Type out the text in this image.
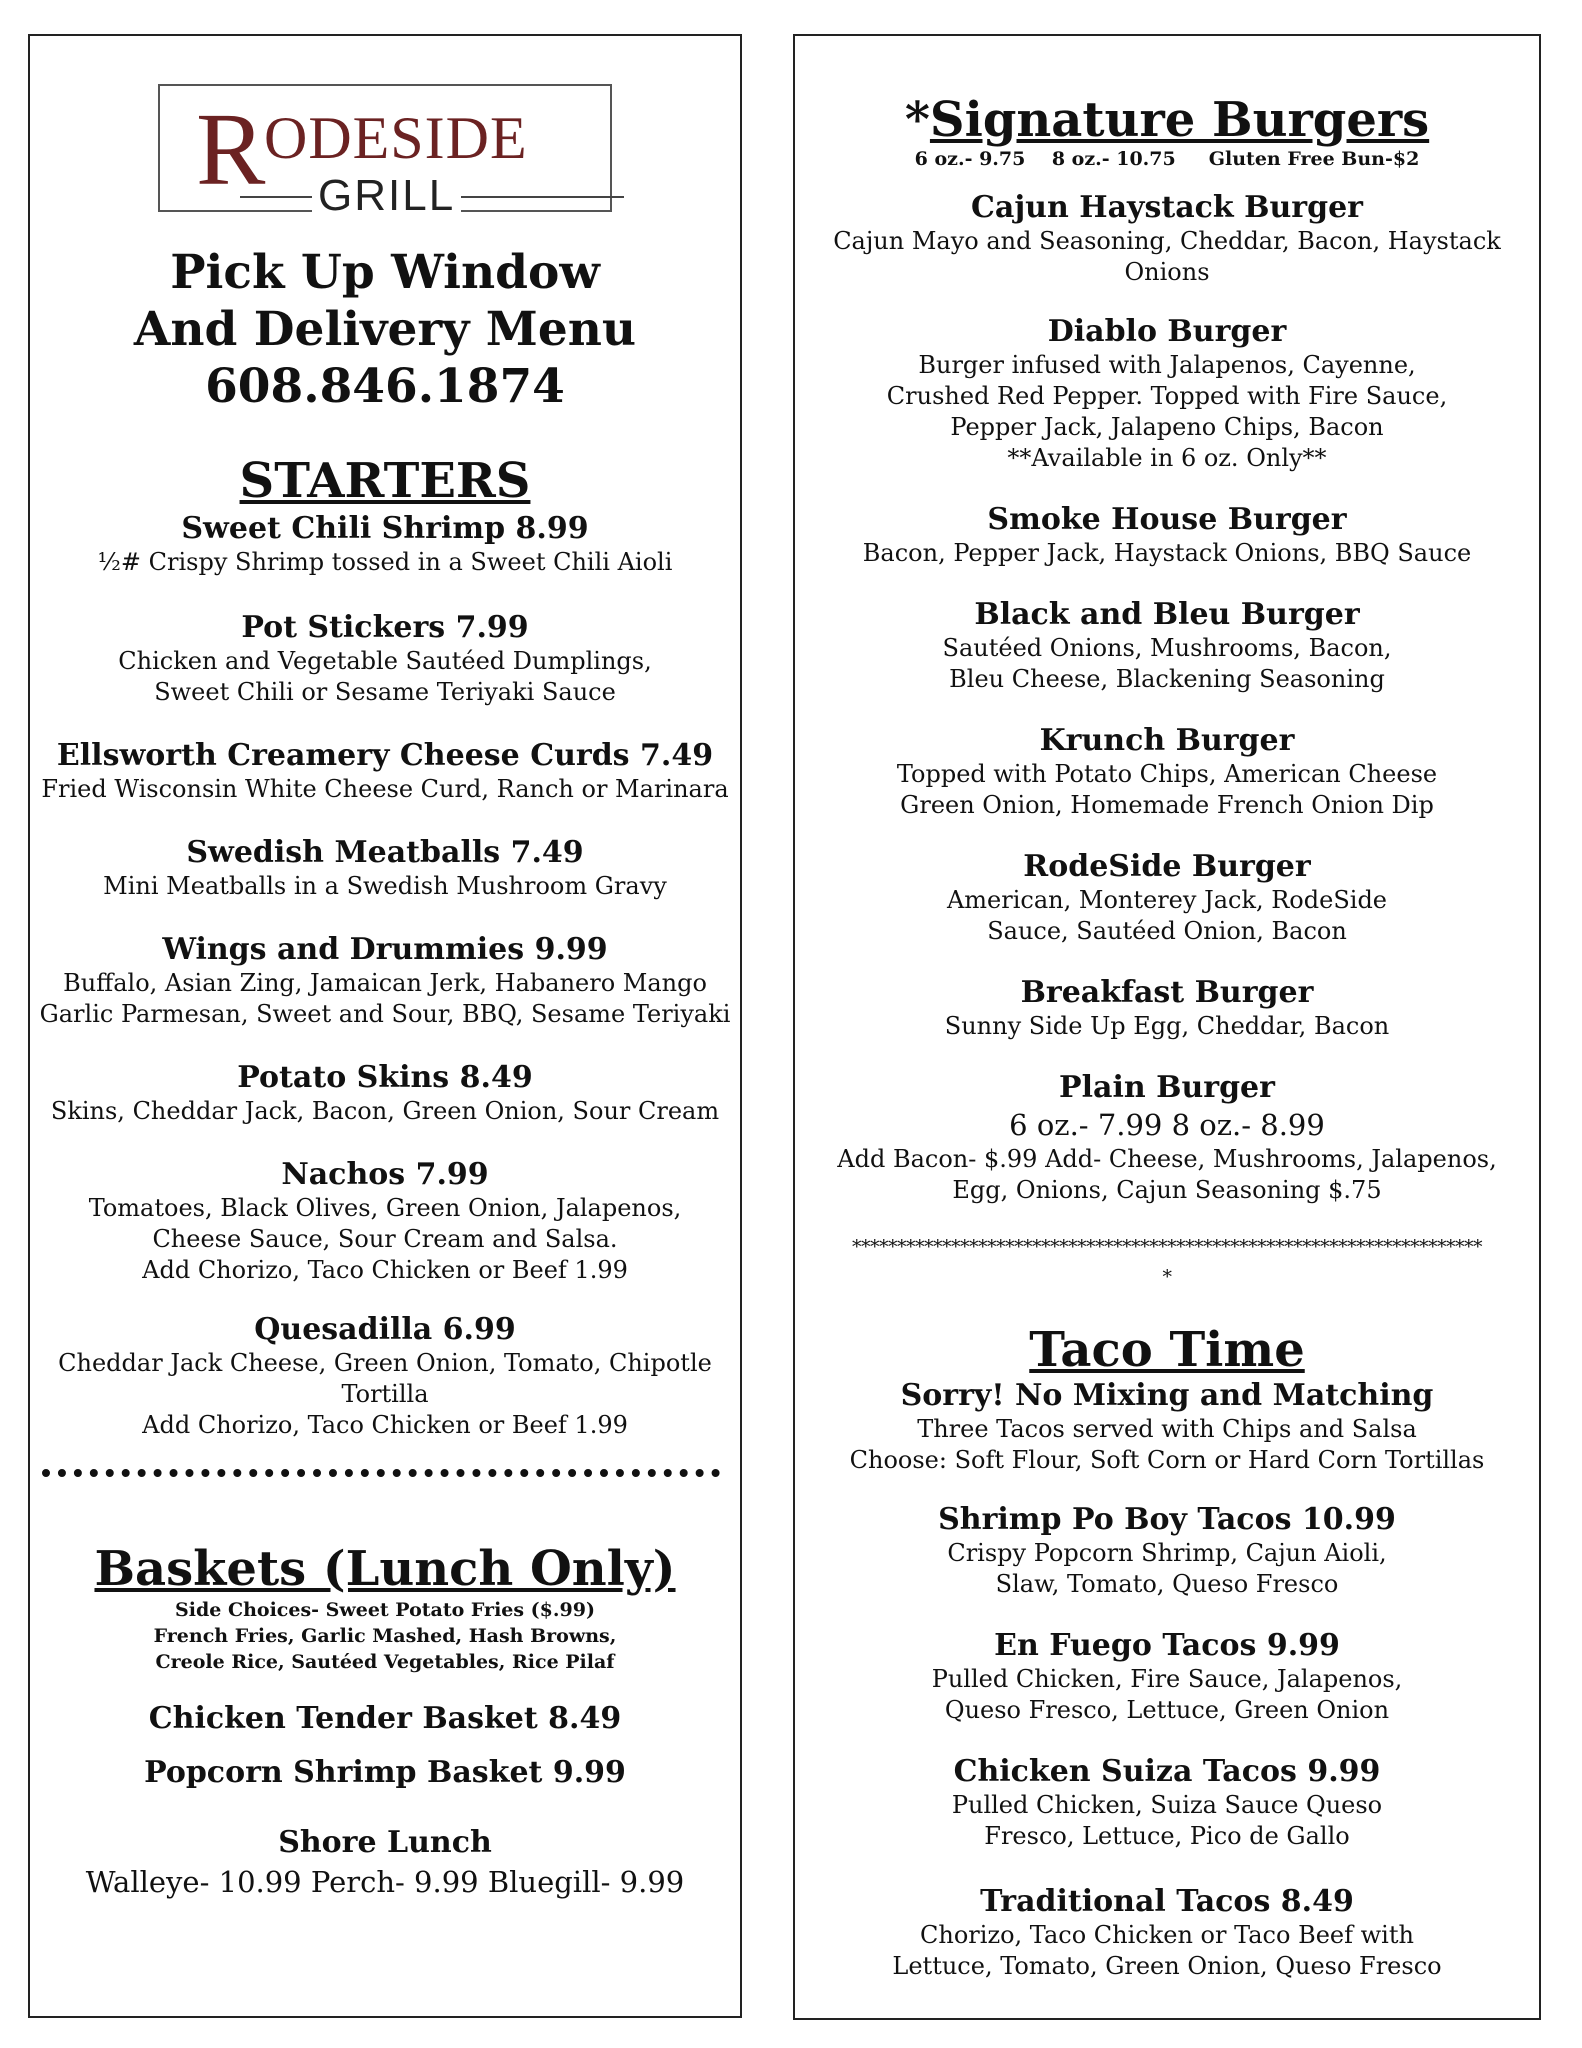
R
ODESIDE
GRILL
Pick Up Window
And Delivery Menu
608.846.1874
STARTERS
Sweet Chili Shrimp 8.99
½# Crispy Shrimp tossed in a Sweet Chili Aioli
Pot Stickers 7.99
Chicken and Vegetable Sautéed Dumplings,
Sweet Chili or Sesame Teriyaki Sauce
Ellsworth Creamery Cheese Curds 7.49
Fried Wisconsin White Cheese Curd, Ranch or Marinara
Swedish Meatballs 7.49
Mini Meatballs in a Swedish Mushroom Gravy
Wings and Drummies 9.99
Buffalo, Asian Zing, Jamaican Jerk, Habanero Mango
Garlic Parmesan, Sweet and Sour, BBQ, Sesame Teriyaki
Potato Skins 8.49
Skins, Cheddar Jack, Bacon, Green Onion, Sour Cream
Nachos 7.99
Tomatoes, Black Olives, Green Onion, Jalapenos,
Cheese Sauce, Sour Cream and Salsa.
Add Chorizo, Taco Chicken or Beef 1.99
Quesadilla 6.99
Cheddar Jack Cheese, Green Onion, Tomato, Chipotle
Tortilla
Add Chorizo, Taco Chicken or Beef 1.99
Baskets (Lunch Only)
Side Choices- Sweet Potato Fries ($.99)
French Fries, Garlic Mashed, Hash Browns,
Creole Rice, Sautéed Vegetables, Rice Pilaf
Chicken Tender Basket 8.49
Popcorn Shrimp Basket 9.99
Shore Lunch
Walleye- 10.99 Perch- 9.99 Bluegill- 9.99
*Signature Burgers
6 oz.- 9.75    8 oz.- 10.75     Gluten Free Bun-$2
Cajun Haystack Burger
Cajun Mayo and Seasoning, Cheddar, Bacon, Haystack
Onions
Diablo Burger
Burger infused with Jalapenos, Cayenne,
Crushed Red Pepper. Topped with Fire Sauce,
Pepper Jack, Jalapeno Chips, Bacon
**Available in 6 oz. Only**
Smoke House Burger
Bacon, Pepper Jack, Haystack Onions, BBQ Sauce
Black and Bleu Burger
Sautéed Onions, Mushrooms, Bacon,
Bleu Cheese, Blackening Seasoning
Krunch Burger
Topped with Potato Chips, American Cheese
Green Onion, Homemade French Onion Dip
RodeSide Burger
American, Monterey Jack, RodeSide
Sauce, Sautéed Onion, Bacon
Breakfast Burger
Sunny Side Up Egg, Cheddar, Bacon
Plain Burger
6 oz.- 7.99 8 oz.- 8.99
Add Bacon- $.99 Add- Cheese, Mushrooms, Jalapenos,
Egg, Onions, Cajun Seasoning $.75
**********************************************************************
*
Taco Time
Sorry! No Mixing and Matching
Three Tacos served with Chips and Salsa
Choose: Soft Flour, Soft Corn or Hard Corn Tortillas
Shrimp Po Boy Tacos 10.99
Crispy Popcorn Shrimp, Cajun Aioli,
Slaw, Tomato, Queso Fresco
En Fuego Tacos 9.99
Pulled Chicken, Fire Sauce, Jalapenos,
Queso Fresco, Lettuce, Green Onion
Chicken Suiza Tacos 9.99
Pulled Chicken, Suiza Sauce Queso
Fresco, Lettuce, Pico de Gallo
Traditional Tacos 8.49
Chorizo, Taco Chicken or Taco Beef with
Lettuce, Tomato, Green Onion, Queso Fresco
